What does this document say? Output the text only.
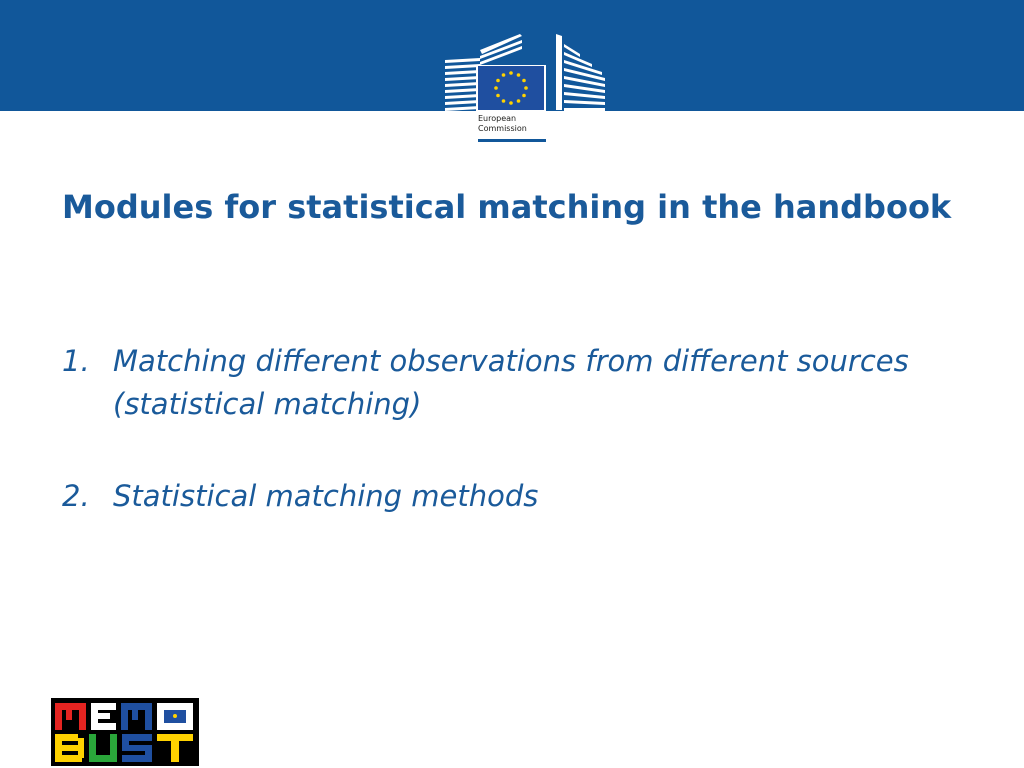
European
Commission
Modules for statistical matching in the handbook
1. Matching different observations from different sources (statistical matching)
2. Statistical matching methods
